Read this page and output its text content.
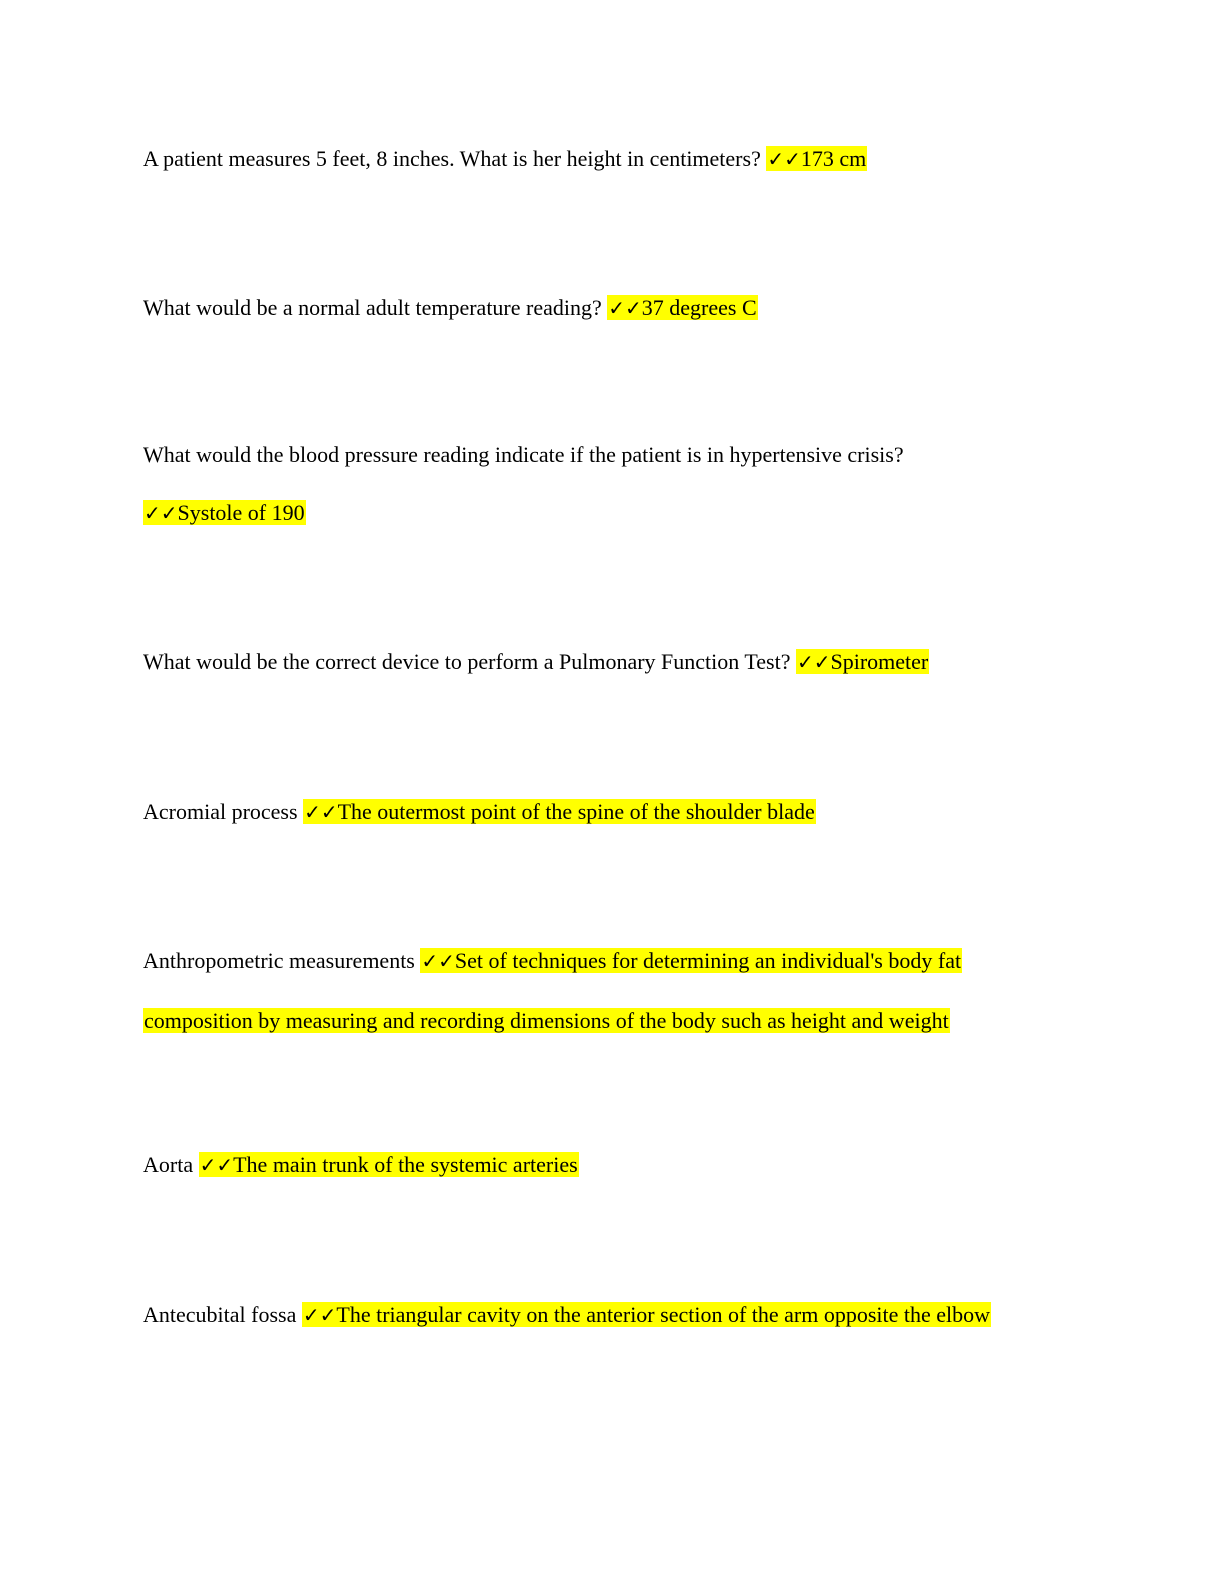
A patient measures 5 feet, 8 inches. What is her height in centimeters? ✓✓173 cm
What would be a normal adult temperature reading? ✓✓37 degrees C
What would the blood pressure reading indicate if the patient is in hypertensive crisis?
✓✓Systole of 190
What would be the correct device to perform a Pulmonary Function Test? ✓✓Spirometer
Acromial process ✓✓The outermost point of the spine of the shoulder blade
Anthropometric measurements ✓✓Set of techniques for determining an individual's body fat
composition by measuring and recording dimensions of the body such as height and weight
Aorta ✓✓The main trunk of the systemic arteries
Antecubital fossa ✓✓The triangular cavity on the anterior section of the arm opposite the elbow
